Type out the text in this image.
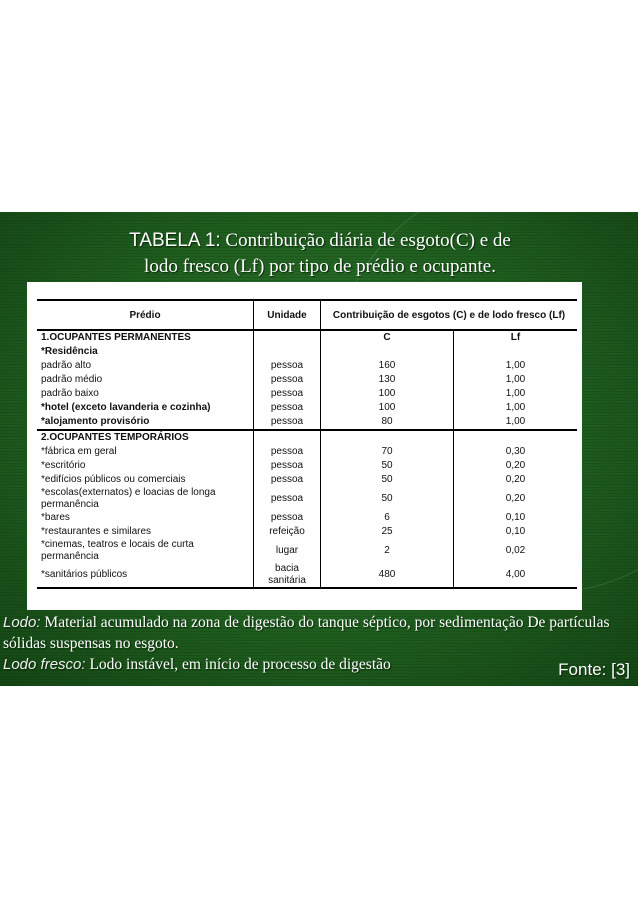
TABELA 1: Contribuição diária de esgoto(C) e de
lodo fresco (Lf) por tipo de prédio e ocupante.
Prédio	Unidade	Contribuição de esgotos (C) e de lodo fresco (Lf)	
1.OCUPANTES PERMANENTES		C	Lf
*Residência			
padrão alto	pessoa	160	1,00
padrão médio	pessoa	130	1,00
padrão baixo	pessoa	100	1,00
*hotel (exceto lavanderia e cozinha)	pessoa	100	1,00
*alojamento provisório	pessoa	80	1,00
2.OCUPANTES TEMPORÁRIOS			
*fábrica em geral	pessoa	70	0,30
*escritório	pessoa	50	0,20
*edifícios públicos ou comerciais	pessoa	50	0,20
*escolas(externatos) e loacias de longa permanência	pessoa	50	0,20
*bares	pessoa	6	0,10
*restaurantes e similares	refeição	25	0,10
*cinemas, teatros e locais de curta permanência	lugar	2	0,02
*sanitários públicos	bacia sanitária	480	4,00
Lodo: Material acumulado na zona de digestão do tanque séptico, por sedimentação De partículas sólidas suspensas no esgoto.
Lodo fresco: Lodo instável, em início de processo de digestão	Fonte: [3]
